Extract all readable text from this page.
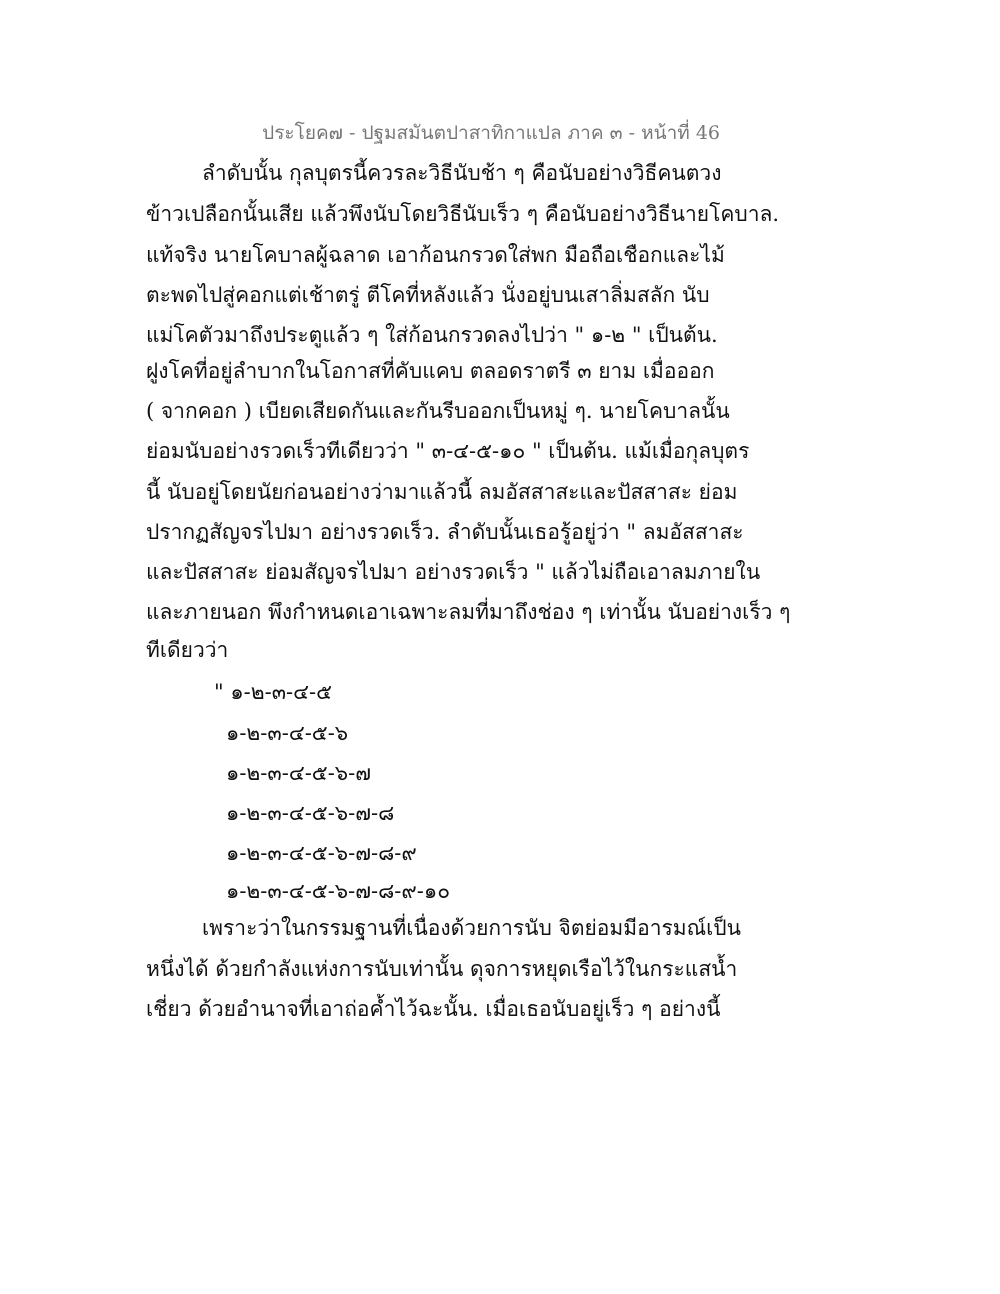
ประโยค๗ - ปฐมสมันตปาสาทิกาแปล ภาค ๓ - หน้าที่ 46
ลำดับนั้น กุลบุตรนี้ควรละวิธีนับช้า ๆ คือนับอย่างวิธีคนตวง
ข้าวเปลือกนั้นเสีย แล้วพึงนับโดยวิธีนับเร็ว ๆ คือนับอย่างวิธีนายโคบาล.
แท้จริง นายโคบาลผู้ฉลาด เอาก้อนกรวดใส่พก มือถือเชือกและไม้
ตะพดไปสู่คอกแต่เช้าตรู่ ตีโคที่หลังแล้ว นั่งอยู่บนเสาลิ่มสลัก นับ
แม่โคตัวมาถึงประตูแล้ว ๆ ใส่ก้อนกรวดลงไปว่า " ๑-๒ " เป็นต้น.
ฝูงโคที่อยู่ลำบากในโอกาสที่คับแคบ ตลอดราตรี ๓ ยาม เมื่อออก
( จากคอก ) เบียดเสียดกันและกันรีบออกเป็นหมู่ ๆ. นายโคบาลนั้น
ย่อมนับอย่างรวดเร็วทีเดียวว่า " ๓-๔-๕-๑๐ " เป็นต้น. แม้เมื่อกุลบุตร
นี้ นับอยู่โดยนัยก่อนอย่างว่ามาแล้วนี้ ลมอัสสาสะและปัสสาสะ ย่อม
ปรากฏสัญจรไปมา อย่างรวดเร็ว. ลำดับนั้นเธอรู้อยู่ว่า " ลมอัสสาสะ
และปัสสาสะ ย่อมสัญจรไปมา อย่างรวดเร็ว " แล้วไม่ถือเอาลมภายใน
และภายนอก พึงกำหนดเอาเฉพาะลมที่มาถึงช่อง ๆ เท่านั้น นับอย่างเร็ว ๆ
ทีเดียวว่า
" ๑-๒-๓-๔-๕
๑-๒-๓-๔-๕-๖
๑-๒-๓-๔-๕-๖-๗
๑-๒-๓-๔-๕-๖-๗-๘
๑-๒-๓-๔-๕-๖-๗-๘-๙
๑-๒-๓-๔-๕-๖-๗-๘-๙-๑๐
เพราะว่าในกรรมฐานที่เนื่องด้วยการนับ จิตย่อมมีอารมณ์เป็น
หนึ่งได้ ด้วยกำลังแห่งการนับเท่านั้น ดุจการหยุดเรือไว้ในกระแสน้ำ
เชี่ยว ด้วยอำนาจที่เอาถ่อค้ำไว้ฉะนั้น. เมื่อเธอนับอยู่เร็ว ๆ อย่างนี้
